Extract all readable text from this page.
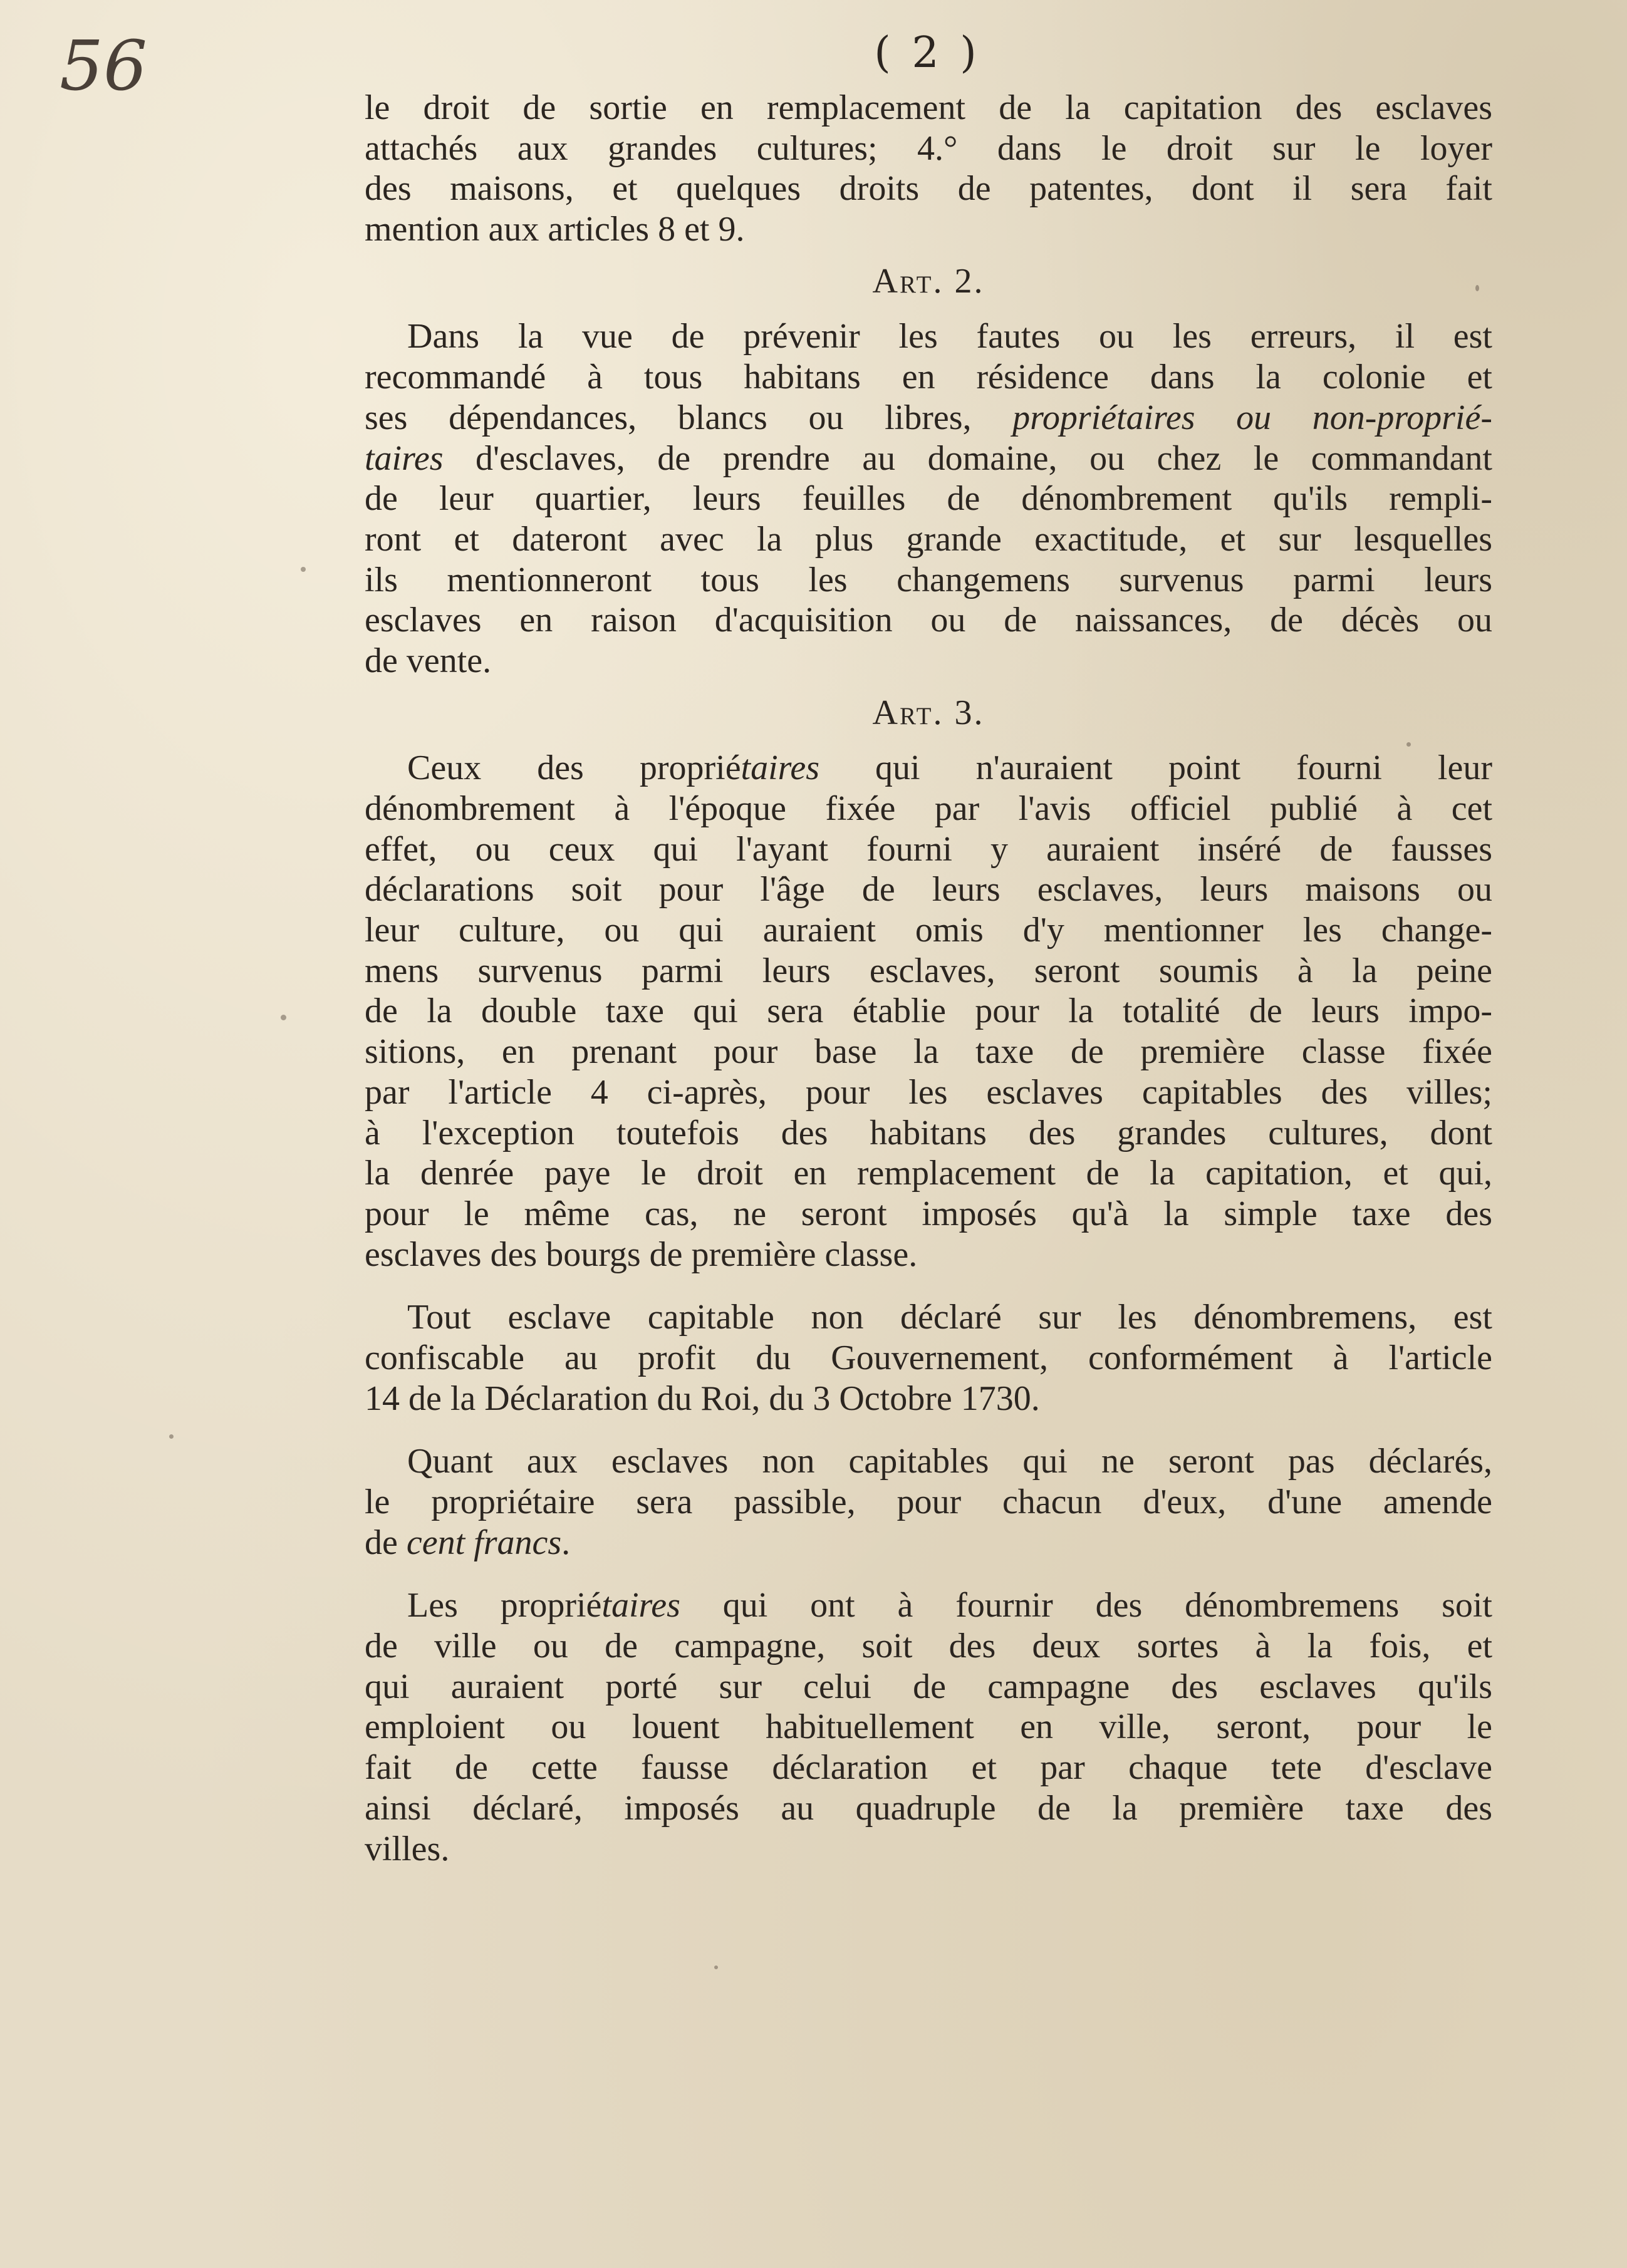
56	( 2 )
le droit de sortie en remplacement de la capitation des esclaves
attachés aux grandes cultures; 4.° dans le droit sur le loyer
des maisons, et quelques droits de patentes, dont il sera fait
mention aux articles 8 et 9.
Art. 2.
Dans la vue de prévenir les fautes ou les erreurs, il est
recommandé à tous habitans en résidence dans la colonie et
ses dépendances, blancs ou libres, propriétaires ou non-proprié-
taires d'esclaves, de prendre au domaine, ou chez le commandant
de leur quartier, leurs feuilles de dénombrement qu'ils rempli-
ront et dateront avec la plus grande exactitude, et sur lesquelles
ils mentionneront tous les changemens survenus parmi leurs
esclaves en raison d'acquisition ou de naissances, de décès ou
de vente.
Art. 3.
Ceux des propriétaires qui n'auraient point fourni leur
dénombrement à l'époque fixée par l'avis officiel publié à cet
effet, ou ceux qui l'ayant fourni y auraient inséré de fausses
déclarations soit pour l'âge de leurs esclaves, leurs maisons ou
leur culture, ou qui auraient omis d'y mentionner les change-
mens survenus parmi leurs esclaves, seront soumis à la peine
de la double taxe qui sera établie pour la totalité de leurs impo-
sitions, en prenant pour base la taxe de première classe fixée
par l'article 4 ci-après, pour les esclaves capitables des villes;
à l'exception toutefois des habitans des grandes cultures, dont
la denrée paye le droit en remplacement de la capitation, et qui,
pour le même cas, ne seront imposés qu'à la simple taxe des
esclaves des bourgs de première classe.
Tout esclave capitable non déclaré sur les dénombremens, est
confiscable au profit du Gouvernement, conformément à l'article
14 de la Déclaration du Roi, du 3 Octobre 1730.
Quant aux esclaves non capitables qui ne seront pas déclarés,
le propriétaire sera passible, pour chacun d'eux, d'une amende
de cent francs.
Les propriétaires qui ont à fournir des dénombremens soit
de ville ou de campagne, soit des deux sortes à la fois, et
qui auraient porté sur celui de campagne des esclaves qu'ils
emploient ou louent habituellement en ville, seront, pour le
fait de cette fausse déclaration et par chaque tete d'esclave
ainsi déclaré, imposés au quadruple de la première taxe des
villes.
